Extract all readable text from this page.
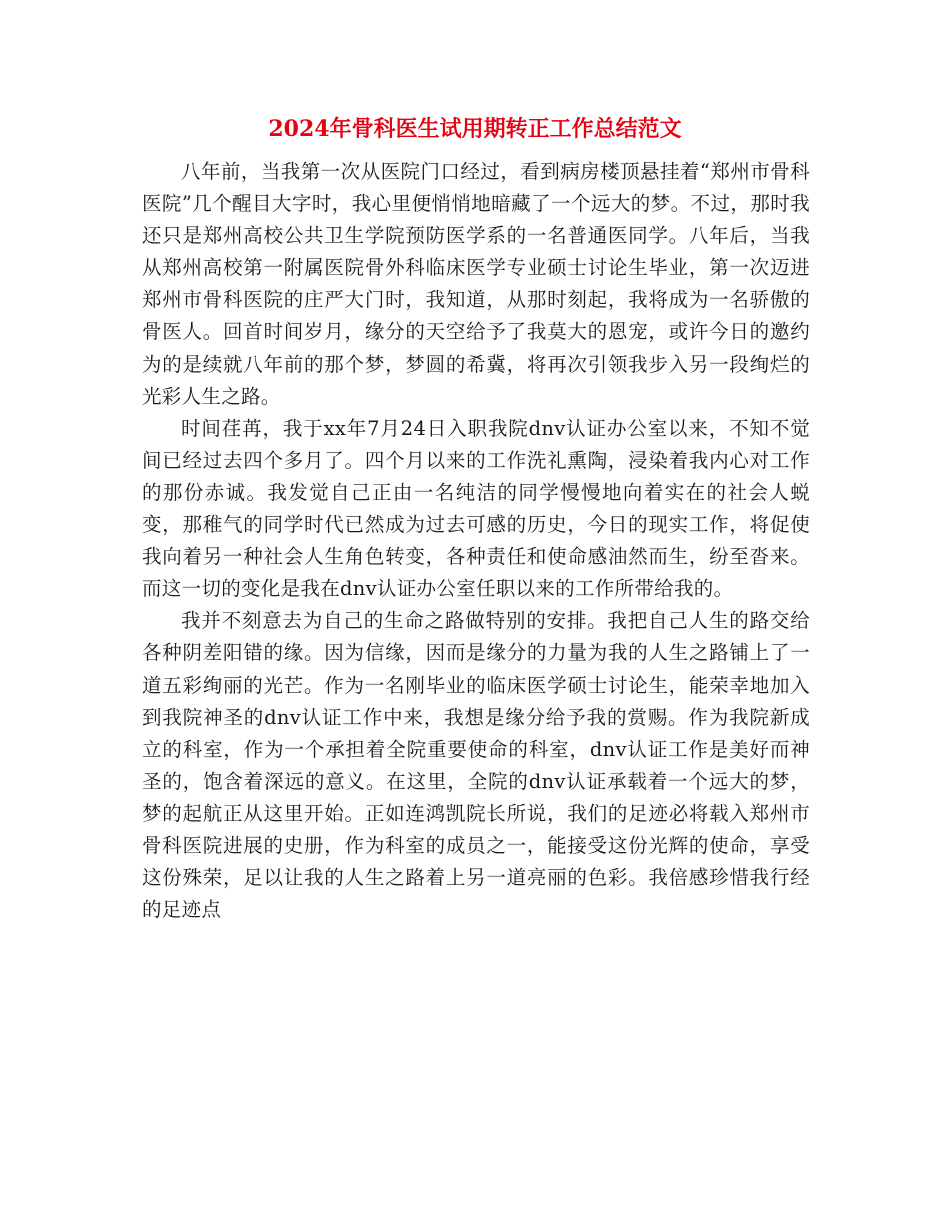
2024年骨科医生试用期转正工作总结范文

八年前，当我第一次从医院门口经过，看到病房楼顶悬挂着“郑州市骨科医院”几个醒目大字时，我心里便悄悄地暗藏了一个远大的梦。不过，那时我还只是郑州高校公共卫生学院预防医学系的一名普通医同学。八年后，当我从郑州高校第一附属医院骨外科临床医学专业硕士讨论生毕业，第一次迈进郑州市骨科医院的庄严大门时，我知道，从那时刻起，我将成为一名骄傲的骨医人。回首时间岁月，缘分的天空给予了我莫大的恩宠，或许今日的邀约为的是续就八年前的那个梦，梦圆的希冀，将再次引领我步入另一段绚烂的光彩人生之路。

时间荏苒，我于xx年7月24日入职我院dnv认证办公室以来，不知不觉间已经过去四个多月了。四个月以来的工作洗礼熏陶，浸染着我内心对工作的那份赤诚。我发觉自己正由一名纯洁的同学慢慢地向着实在的社会人蜕变，那稚气的同学时代已然成为过去可感的历史，今日的现实工作，将促使我向着另一种社会人生角色转变，各种责任和使命感油然而生，纷至沓来。而这一切的变化是我在dnv认证办公室任职以来的工作所带给我的。

我并不刻意去为自己的生命之路做特别的安排。我把自己人生的路交给各种阴差阳错的缘。因为信缘，因而是缘分的力量为我的人生之路铺上了一道五彩绚丽的光芒。作为一名刚毕业的临床医学硕士讨论生，能荣幸地加入到我院神圣的dnv认证工作中来，我想是缘分给予我的赏赐。作为我院新成立的科室，作为一个承担着全院重要使命的科室，dnv认证工作是美好而神圣的，饱含着深远的意义。在这里，全院的dnv认证承载着一个远大的梦，梦的起航正从这里开始。正如连鸿凯院长所说，我们的足迹必将载入郑州市骨科医院进展的史册，作为科室的成员之一，能接受这份光辉的使命，享受这份殊荣，足以让我的人生之路着上另一道亮丽的色彩。我倍感珍惜我行经的足迹点
